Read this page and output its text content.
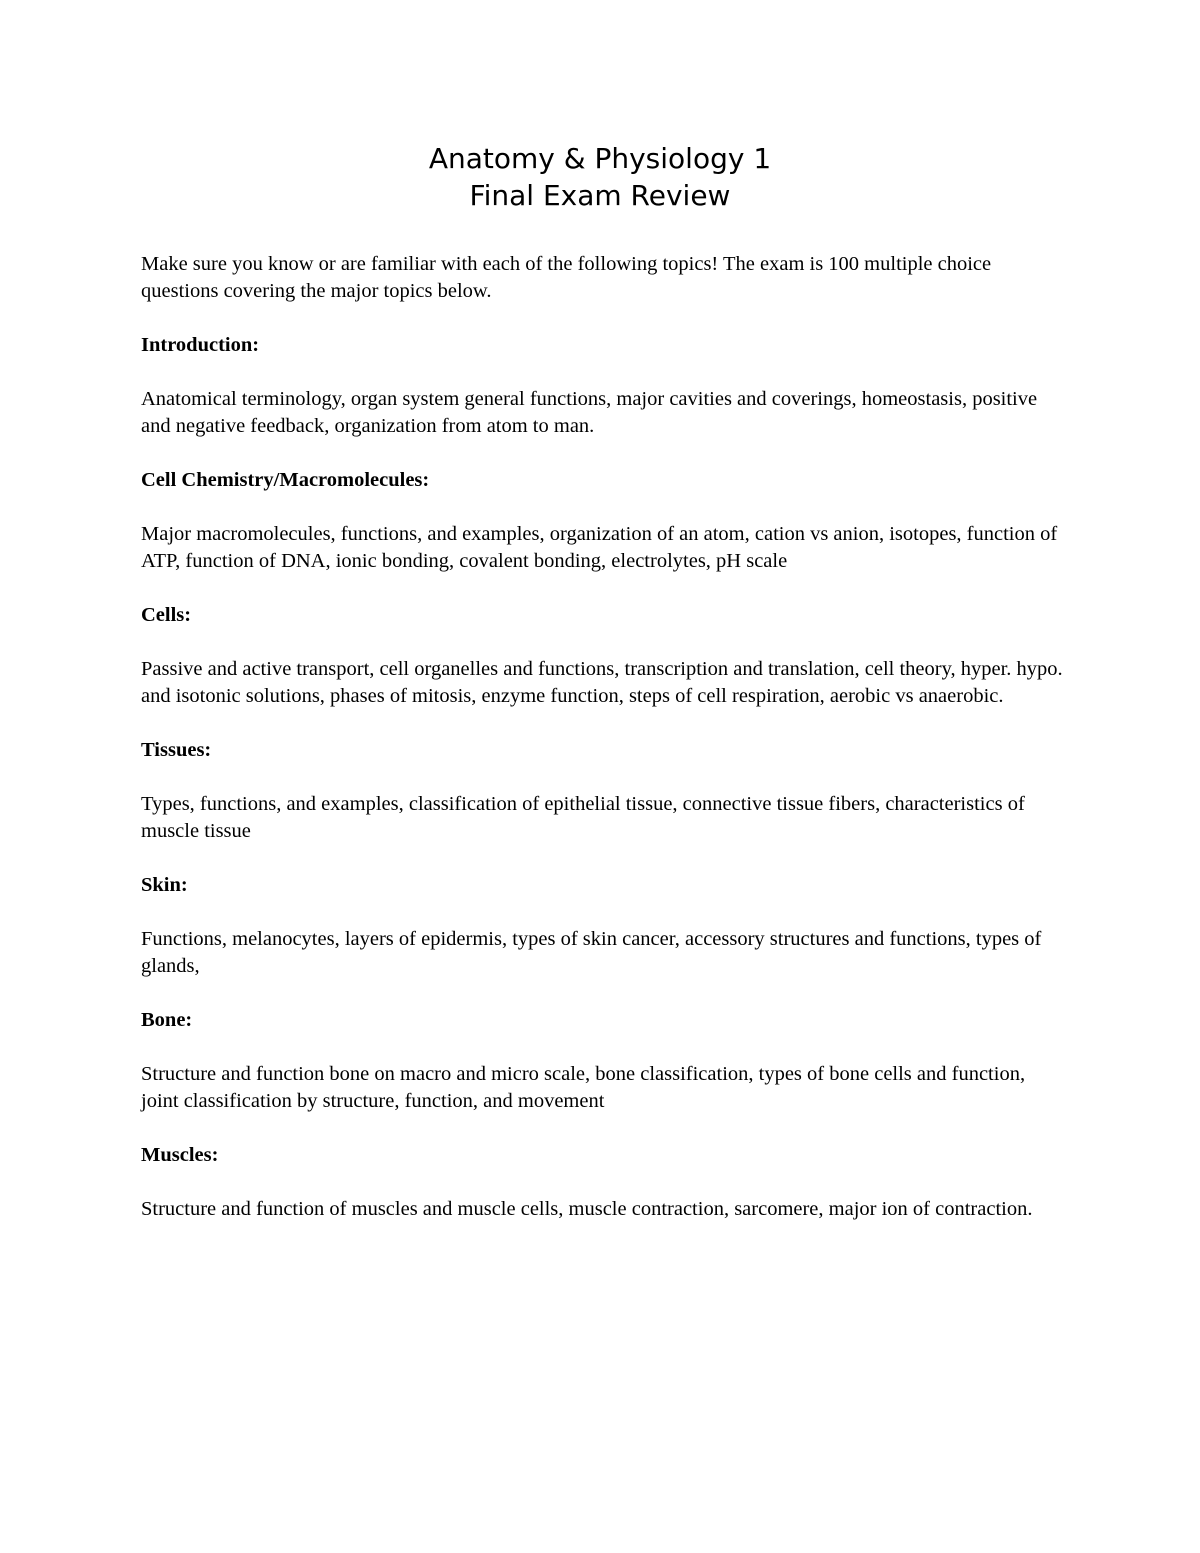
Anatomy & Physiology 1
Final Exam Review

Make sure you know or are familiar with each of the following topics! The exam is 100 multiple choice questions covering the major topics below.

Introduction:

Anatomical terminology, organ system general functions, major cavities and coverings, homeostasis, positive and negative feedback, organization from atom to man.

Cell Chemistry/Macromolecules:

Major macromolecules, functions, and examples, organization of an atom, cation vs anion, isotopes, function of ATP, function of DNA, ionic bonding, covalent bonding, electrolytes, pH scale

Cells:

Passive and active transport, cell organelles and functions, transcription and translation, cell theory, hyper. hypo. and isotonic solutions, phases of mitosis, enzyme function, steps of cell respiration, aerobic vs anaerobic.

Tissues:

Types, functions, and examples, classification of epithelial tissue, connective tissue fibers, characteristics of muscle tissue

Skin:

Functions, melanocytes, layers of epidermis, types of skin cancer, accessory structures and functions, types of glands,

Bone:

Structure and function bone on macro and micro scale, bone classification, types of bone cells and function, joint classification by structure, function, and movement

Muscles:

Structure and function of muscles and muscle cells, muscle contraction, sarcomere, major ion of contraction.
